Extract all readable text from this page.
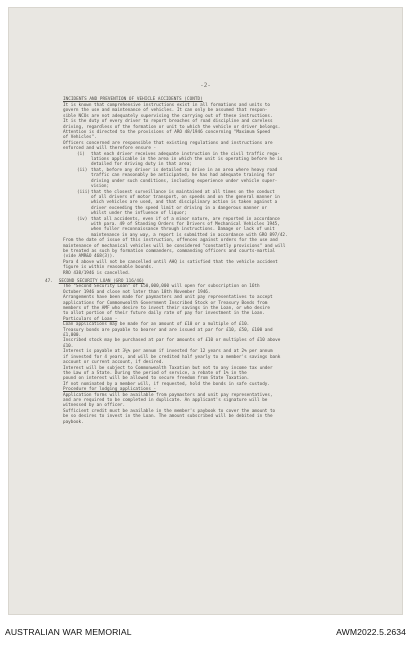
-2-
INCIDENTS AND PREVENTION OF VEHICLE ACCIDENTS (CONTD)
It is known that comprehensive instructions exist in all formations and units to
govern the use and maintenance of vehicles. It can only be assumed that respon-
sible NCOs are not adequately supervising the carrying out of these instructions.
It is the duty of every driver to report breaches of road discipline and careless
driving, regardless of the formation or unit to which the vehicle or driver belongs.
Attention is directed to the provisions of ARO 48/1946 concerning "Maximum Speed
of Vehicles".
Officers concerned are responsible that existing regulations and instructions are
enforced and will therefore ensure -
(i) that each driver receives adequate instruction in the civil traffic regu-
lations applicable in the area in which the unit is operating before he is
detailed for driving duty in that area;
(ii) that, before any driver is detailed to drive in an area where heavy road
traffic can reasonably be anticipated, he has had adequate training for
driving under such conditions, including experience under vehicle super-
vision;
(iii)that the closest surveillance is maintained at all times on the conduct
of all drivers of motor transport, on speeds and on the general manner in
which vehicles are used, and that disciplinary action is taken against a
driver exceeding the speed limit or driving in a dangerous manner or
whilst under the influence of liquor;
(iv) that all accidents, even if of a minor nature, are reported in accordance
with para. 49 of Standing Orders for Drivers of Mechanical Vehicles 1945,
when fuller reconnaissance through instructions. Damage or lack of unit
maintenance in any way, a report is submitted in accordance with GRO 897/42.
From the date of issue of this instruction, offences against orders for the use and
maintenance of mechanical vehicles will be considered "constantly provisions" and will
be treated as such by formation commanders, commanding officers and courts-martial
(vide AMR&O 468(3)).
Para 4 above will not be cancelled until AHQ is satisfied that the vehicle accident
figure is within reasonable bounds.
RRO 438/1946 is cancelled.
47. SECOND SECURITY LOAN (GRO 116/46)
The "Second Security Loan" of £50,000,000 will open for subscription on 16th
October 1946 and close not later than 18th November 1946.
Arrangements have been made for paymasters and unit pay representatives to accept
applications for Commonwealth Government Inscribed Stock or Treasury Bonds from
members of the AMF who desire to invest their savings in the Loan, or who desire
to allot portion of their future daily rate of pay for investment in the Loan.
Particulars of Loan -
Loan applications may be made for an amount of £10 or a multiple of £10.
Treasury bonds are payable to bearer and are issued at par for £10, £50, £100 and
£1,000.
Inscribed stock may be purchased at par for amounts of £10 or multiples of £10 above
£10.
Interest is payable at 3¼% per annum if invested for 12 years and at 2% per annum
if invested for 4 years, and will be credited half yearly to a member's savings bank
account or current account, if desired.
Interest will be subject to Commonwealth Taxation but not to any income tax under
the Law of a State. During the period of service, a rebate of 1% in the
pound on interest will be allowed to secure freedom from State Taxation.
If not nominated by a member will, if requested, hold the bonds in safe custody.
Procedure for lodging applications -
Application forms will be available from paymasters and unit pay representatives,
and are required to be completed in duplicate. An applicant's signature will be
witnessed by an officer.
Sufficient credit must be available in the member's paybook to cover the amount to
be so desires to invest in the Loan. The amount subscribed will be debited in the
paybook.
AUSTRALIAN WAR MEMORIAL	AWM2022.5.2634
